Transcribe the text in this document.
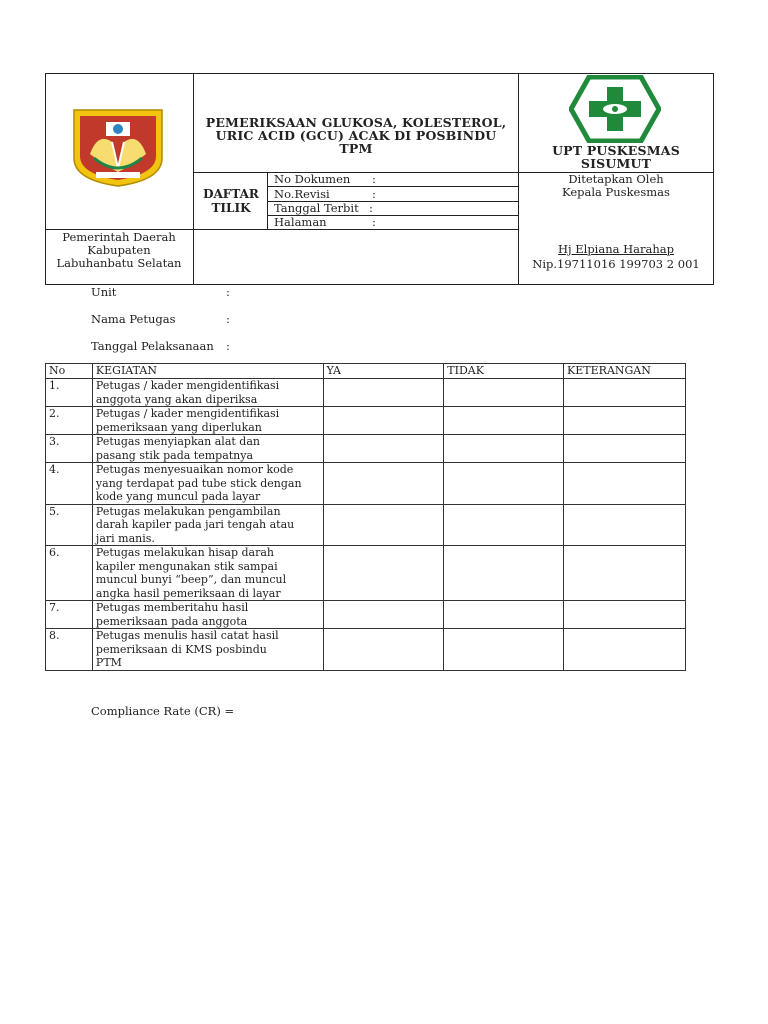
PEMERIKSAAN GLUKOSA, KOLESTEROL, URIC ACID (GCU) ACAK DI POSBINDU TPM	UPT PUSKESMAS
SISUMUT
DAFTAR
TILIK
No Dokumen :
No.Revisi	:
Tanggal Terbit :
Halaman	:
Ditetapkan Oleh
Kepala Puskesmas
Hj Elpiana Harahap
Nip.19711016 199703 2 001
Pemerintah Daerah
Kabupaten
Labuhanbatu Selatan
Unit	:
Nama Petugas	:
Tanggal Pelaksanaan :
No	KEGIATAN	YA	TIDAK	KETERANGAN
1.	Petugas / kader mengidentifikasi
anggota yang akan diperiksa			

2.	Petugas / kader mengidentifikasi
pemeriksaan yang diperlukan			

3.	Petugas menyiapkan alat dan
pasang stik pada tempatnya			

4.	Petugas menyesuaikan nomor kode
yang terdapat pad tube stick dengan
kode yang muncul pada layar			

5.	Petugas melakukan pengambilan
darah kapiler pada jari tengah atau
jari manis.			

6.	Petugas melakukan hisap darah
kapiler mengunakan stik sampai
muncul bunyi “beep”, dan muncul
angka hasil pemeriksaan di layar			

7.	Petugas memberitahu hasil
pemeriksaan pada anggota			

8.	Petugas menulis hasil catat hasil
pemeriksaan di KMS posbindu
PTM			

Compliance Rate (CR) =
